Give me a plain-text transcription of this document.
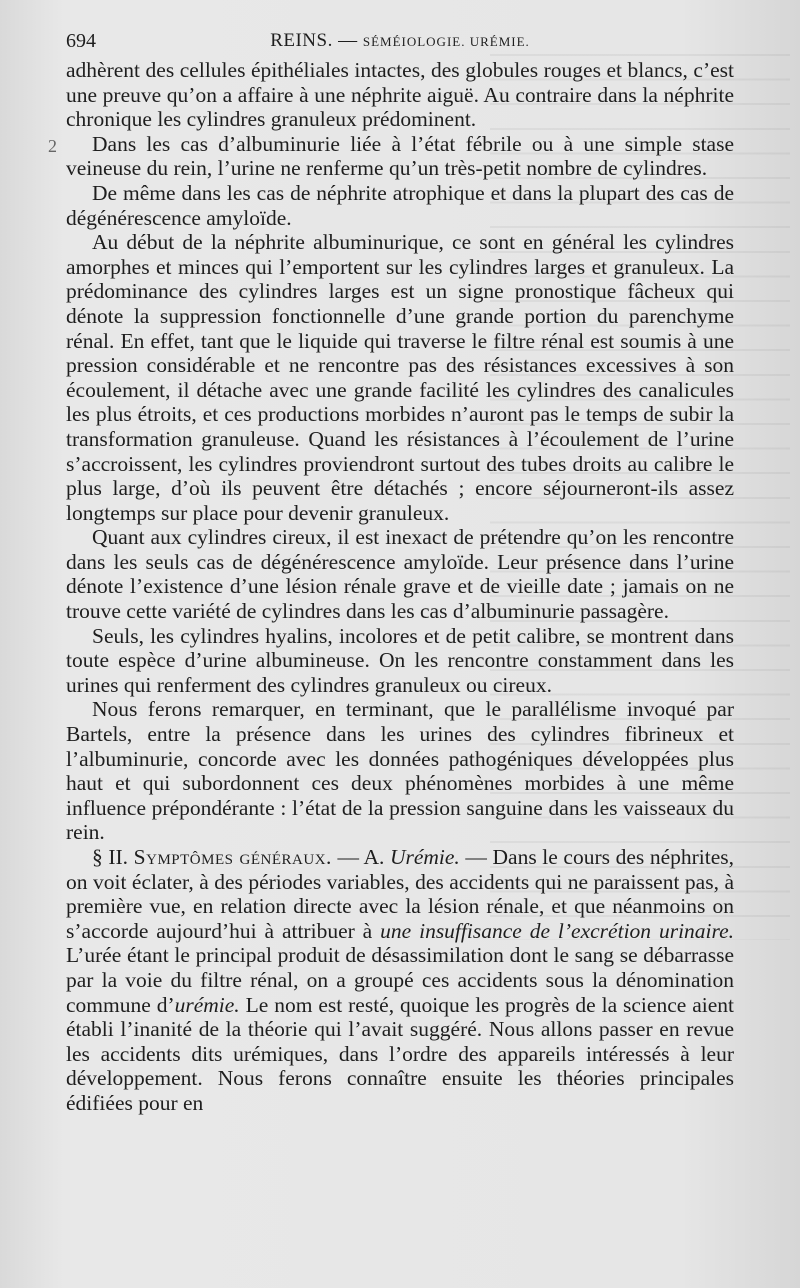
694	REINS. — SÉMÉIOLOGIE. URÉMIE.
2

adhèrent des cellules épithéliales intactes, des globules rouges et blancs, c’est une preuve qu’on a affaire à une néphrite aiguë. Au contraire dans la néphrite chronique les cylindres granuleux prédominent.

Dans les cas d’albuminurie liée à l’état fébrile ou à une simple stase veineuse du rein, l’urine ne renferme qu’un très-petit nombre de cylindres.

De même dans les cas de néphrite atrophique et dans la plupart des cas de dégénérescence amyloïde.

Au début de la néphrite albuminurique, ce sont en général les cylindres amorphes et minces qui l’emportent sur les cylindres larges et granuleux. La prédominance des cylindres larges est un signe pronostique fâcheux qui dénote la suppression fonctionnelle d’une grande portion du parenchyme rénal. En effet, tant que le liquide qui traverse le filtre rénal est soumis à une pression considérable et ne rencontre pas des résistances excessives à son écoulement, il détache avec une grande facilité les cylindres des canalicules les plus étroits, et ces productions morbides n’auront pas le temps de subir la transformation granuleuse. Quand les résistances à l’écoulement de l’urine s’accroissent, les cylindres proviendront surtout des tubes droits au calibre le plus large, d’où ils peuvent être détachés ; encore séjourneront-ils assez longtemps sur place pour devenir granuleux.

Quant aux cylindres cireux, il est inexact de prétendre qu’on les rencontre dans les seuls cas de dégénérescence amyloïde. Leur présence dans l’urine dénote l’existence d’une lésion rénale grave et de vieille date ; jamais on ne trouve cette variété de cylindres dans les cas d’albuminurie passagère.

Seuls, les cylindres hyalins, incolores et de petit calibre, se montrent dans toute espèce d’urine albumineuse. On les rencontre constamment dans les urines qui renferment des cylindres granuleux ou cireux.

Nous ferons remarquer, en terminant, que le parallélisme invoqué par Bartels, entre la présence dans les urines des cylindres fibrineux et l’albuminurie, concorde avec les données pathogéniques développées plus haut et qui subordonnent ces deux phénomènes morbides à une même influence prépondérante : l’état de la pression sanguine dans les vaisseaux du rein.

§ II. Symptômes généraux. — A. Urémie. — Dans le cours des néphrites, on voit éclater, à des périodes variables, des accidents qui ne paraissent pas, à première vue, en relation directe avec la lésion rénale, et que néanmoins on s’accorde aujourd’hui à attribuer à une insuffisance de l’excrétion urinaire. L’urée étant le principal produit de désassimilation dont le sang se débarrasse par la voie du filtre rénal, on a groupé ces accidents sous la dénomination commune d’urémie. Le nom est resté, quoique les progrès de la science aient établi l’inanité de la théorie qui l’avait suggéré. Nous allons passer en revue les accidents dits urémiques, dans l’ordre des appareils intéressés à leur développement. Nous ferons connaître ensuite les théories principales édifiées pour en
